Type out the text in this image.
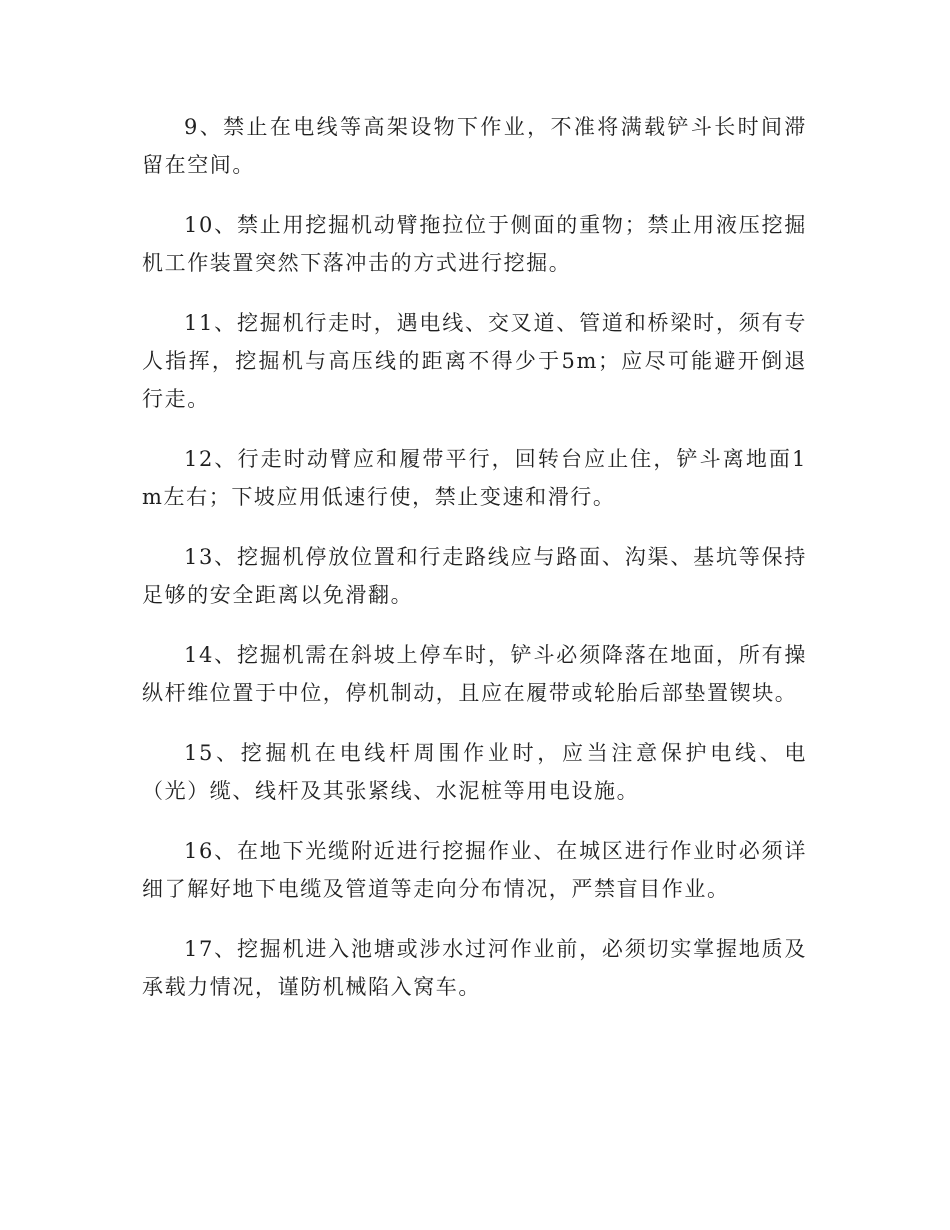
9、禁止在电线等高架设物下作业，不准将满载铲斗长时间滞留在空间。

10、禁止用挖掘机动臂拖拉位于侧面的重物；禁止用液压挖掘机工作装置突然下落冲击的方式进行挖掘。

11、挖掘机行走时，遇电线、交叉道、管道和桥梁时，须有专人指挥，挖掘机与高压线的距离不得少于5m；应尽可能避开倒退行走。

12、行走时动臂应和履带平行，回转台应止住，铲斗离地面1m左右；下坡应用低速行使，禁止变速和滑行。

13、挖掘机停放位置和行走路线应与路面、沟渠、基坑等保持足够的安全距离以免滑翻。

14、挖掘机需在斜坡上停车时，铲斗必须降落在地面，所有操纵杆维位置于中位，停机制动，且应在履带或轮胎后部垫置锲块。

15、挖掘机在电线杆周围作业时，应当注意保护电线、电（光）缆、线杆及其张紧线、水泥桩等用电设施。

16、在地下光缆附近进行挖掘作业、在城区进行作业时必须详细了解好地下电缆及管道等走向分布情况，严禁盲目作业。

17、挖掘机进入池塘或涉水过河作业前，必须切实掌握地质及承载力情况，谨防机械陷入窝车。
